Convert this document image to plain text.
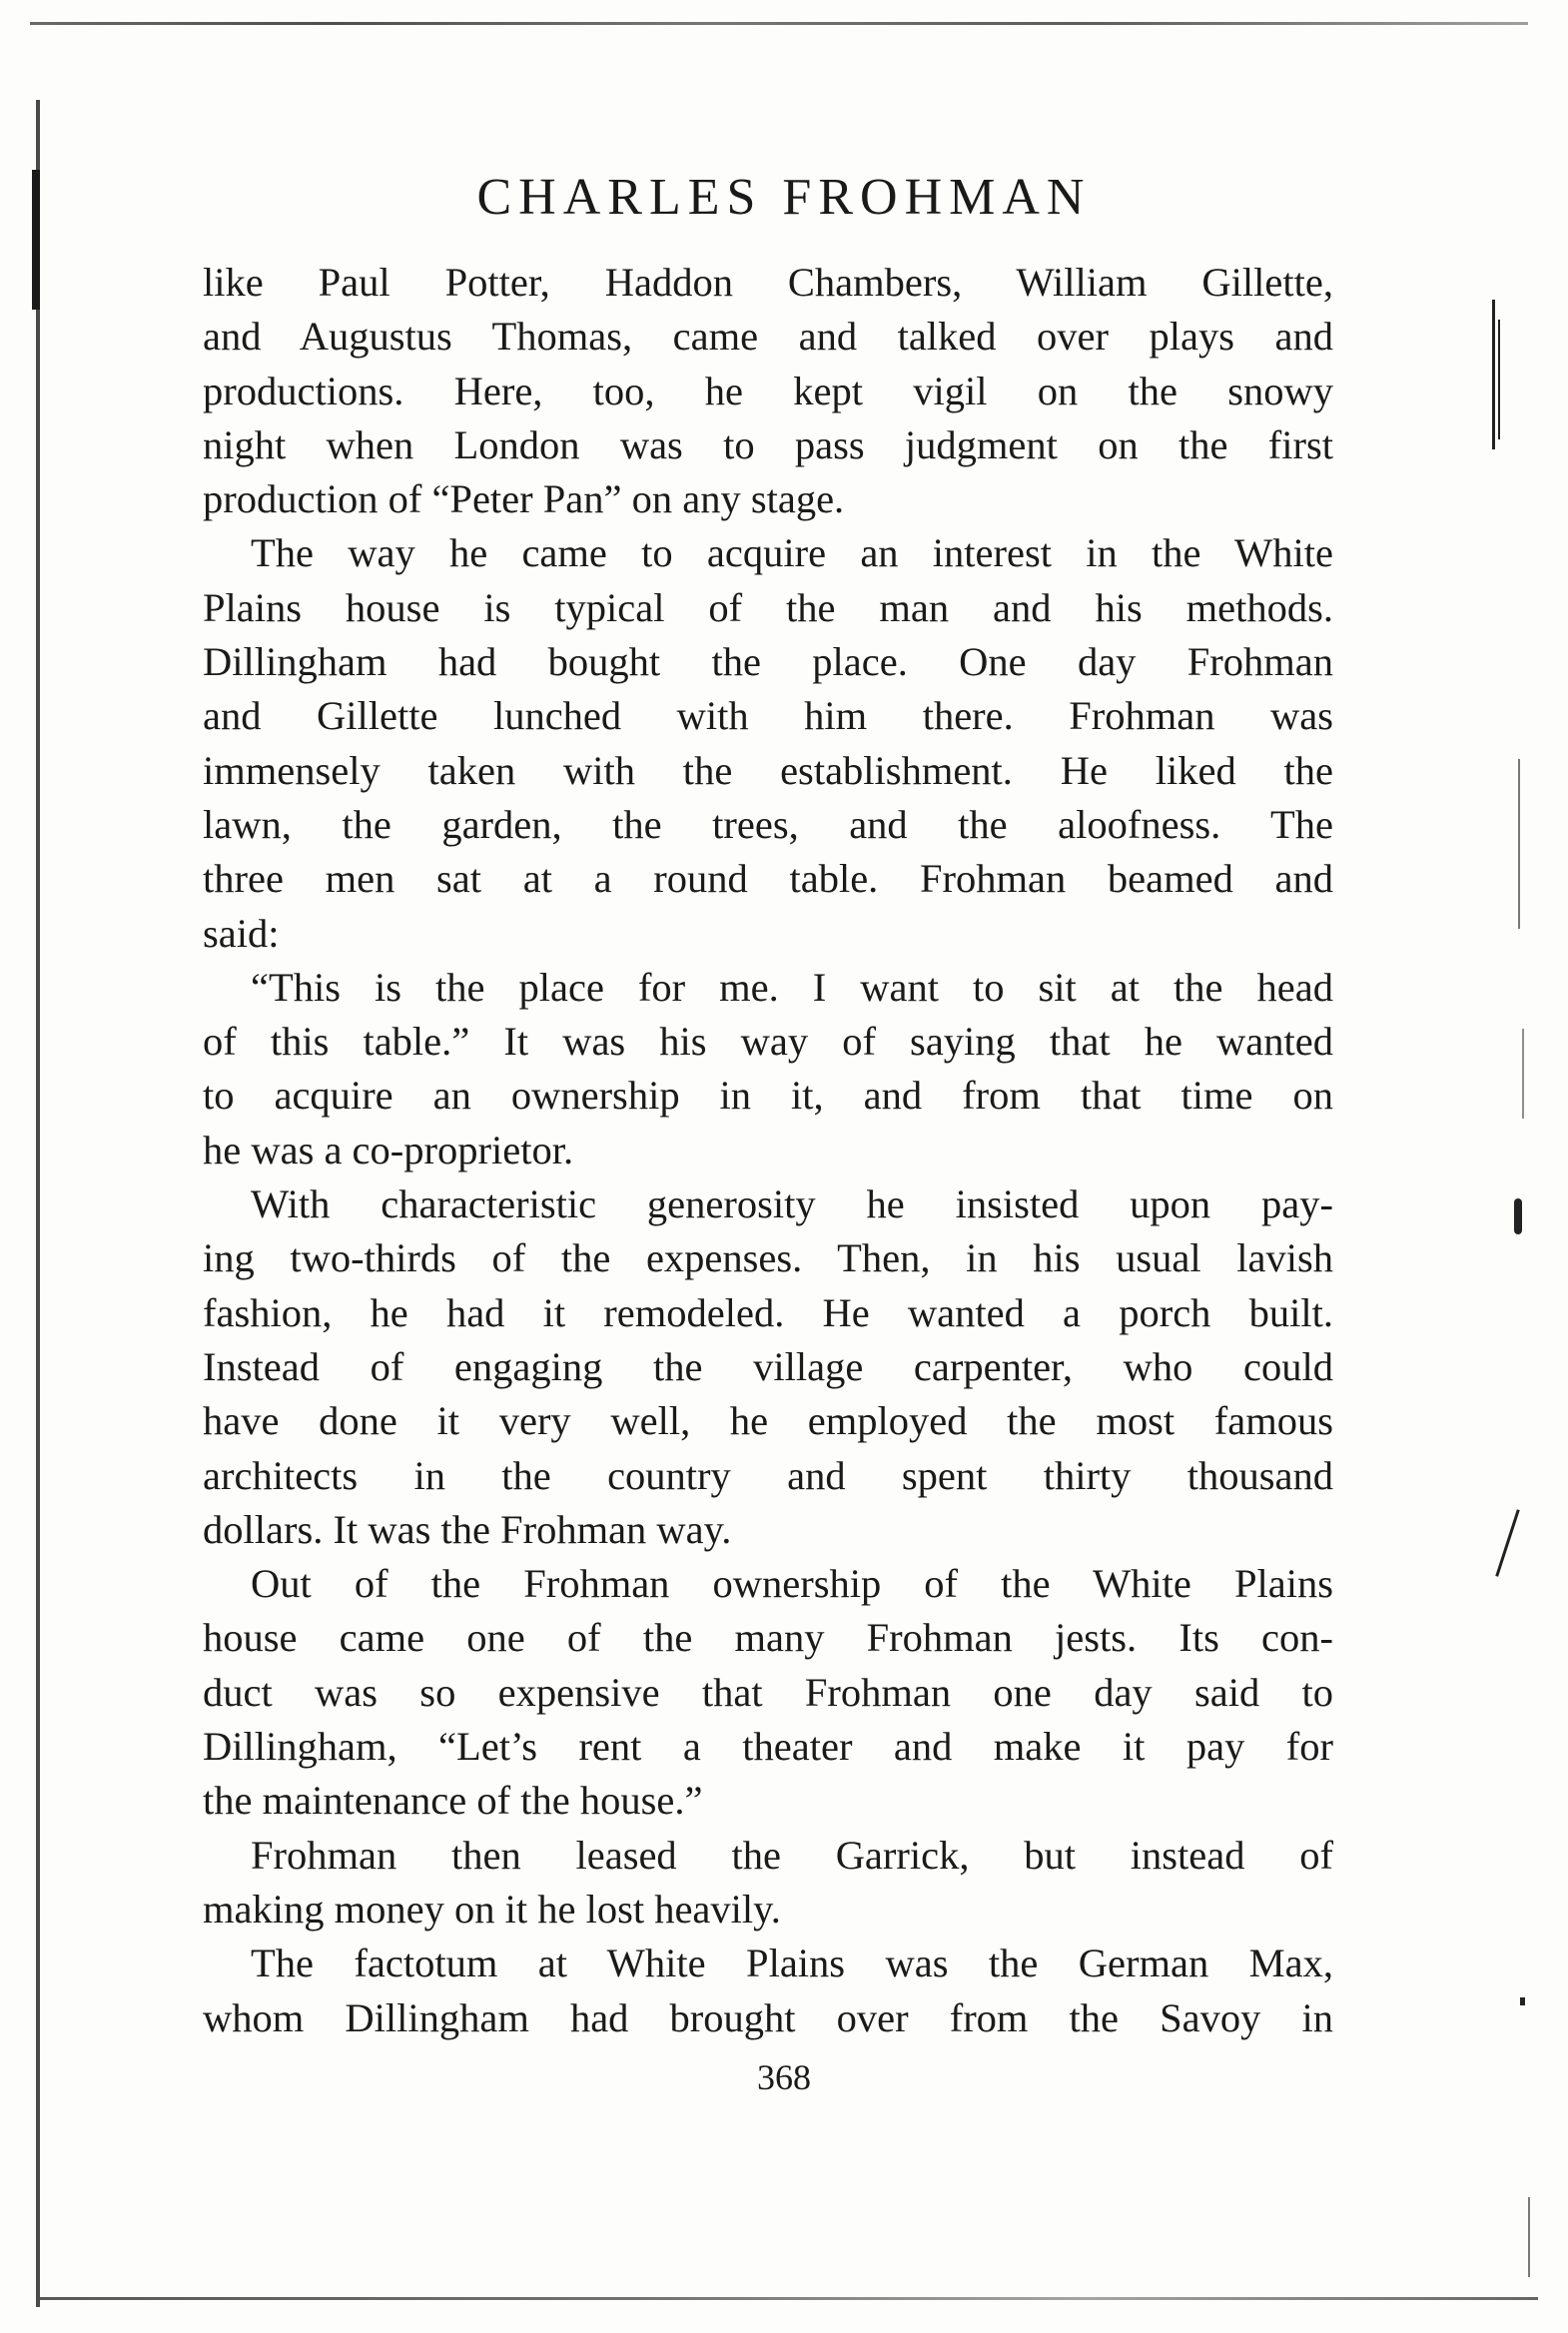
CHARLES FROHMAN

like Paul Potter, Haddon Chambers, William Gillette,
and Augustus Thomas, came and talked over plays and
productions. Here, too, he kept vigil on the snowy
night when London was to pass judgment on the first
production of “Peter Pan” on any stage.

The way he came to acquire an interest in the White
Plains house is typical of the man and his methods.
Dillingham had bought the place. One day Frohman
and Gillette lunched with him there. Frohman was
immensely taken with the establishment. He liked the
lawn, the garden, the trees, and the aloofness. The
three men sat at a round table. Frohman beamed and
said:

“This is the place for me. I want to sit at the head
of this table.” It was his way of saying that he wanted
to acquire an ownership in it, and from that time on
he was a co-proprietor.

With characteristic generosity he insisted upon pay-
ing two-thirds of the expenses. Then, in his usual lavish
fashion, he had it remodeled. He wanted a porch built.
Instead of engaging the village carpenter, who could
have done it very well, he employed the most famous
architects in the country and spent thirty thousand
dollars. It was the Frohman way.

Out of the Frohman ownership of the White Plains
house came one of the many Frohman jests. Its con-
duct was so expensive that Frohman one day said to
Dillingham, “Let’s rent a theater and make it pay for
the maintenance of the house.”

Frohman then leased the Garrick, but instead of
making money on it he lost heavily.

The factotum at White Plains was the German Max,
whom Dillingham had brought over from the Savoy in

368
